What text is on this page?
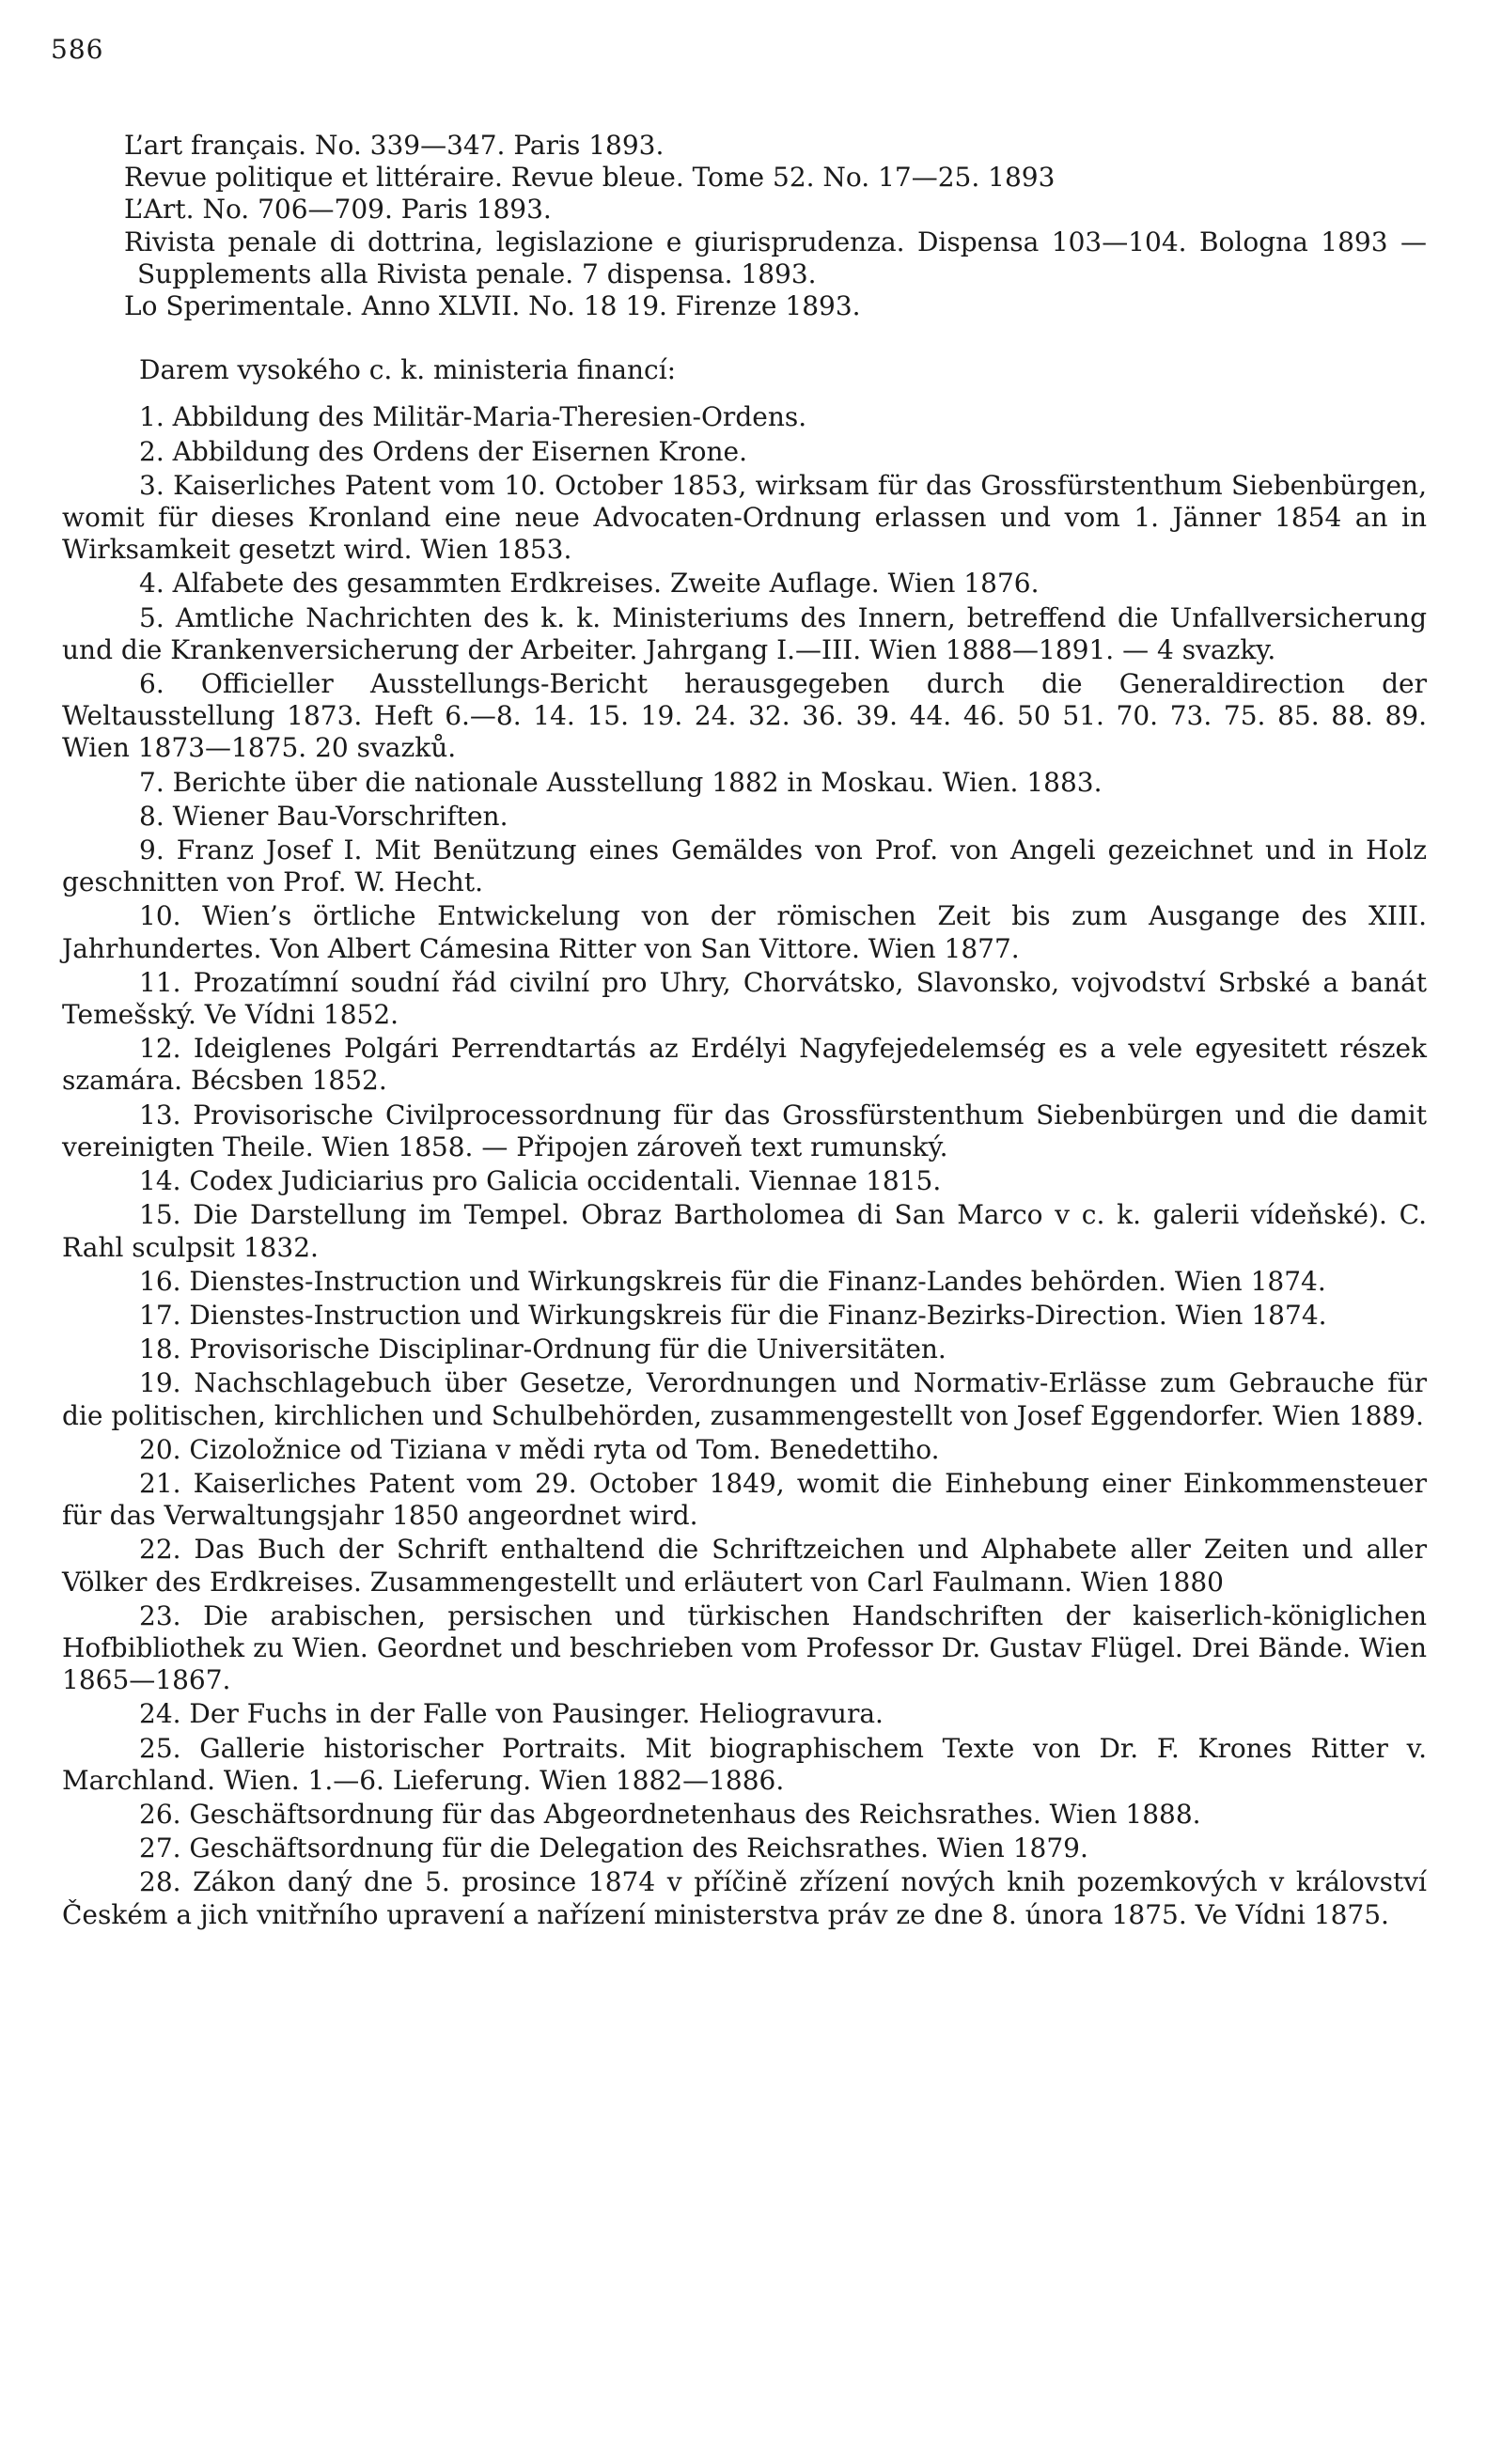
586

L’art français. No. 339—347. Paris 1893.

Revue politique et littéraire. Revue bleue. Tome 52. No. 17—25. 1893

L’Art. No. 706—709. Paris 1893.

Rivista penale di dottrina, legislazione e giurisprudenza. Dispensa 103—104. Bologna 1893 — Supplements alla Rivista penale. 7 dispensa. 1893.

Lo Sperimentale. Anno XLVII. No. 18 19. Firenze 1893.

Darem vysokého c. k. ministeria financí:

1. Abbildung des Militär-Maria-Theresien-Ordens.

2. Abbildung des Ordens der Eisernen Krone.

3. Kaiserliches Patent vom 10. October 1853, wirksam für das Grossfürstenthum Siebenbürgen, womit für dieses Kronland eine neue Advocaten-Ordnung erlassen und vom 1. Jänner 1854 an in Wirksamkeit gesetzt wird. Wien 1853.

4. Alfabete des gesammten Erdkreises. Zweite Auflage. Wien 1876.

5. Amtliche Nachrichten des k. k. Ministeriums des Innern, betreffend die Unfallversicherung und die Krankenversicherung der Arbeiter. Jahrgang I.—III. Wien 1888—1891. — 4 svazky.

6. Officieller Ausstellungs-Bericht herausgegeben durch die Generaldirection der Weltausstellung 1873. Heft 6.—8. 14. 15. 19. 24. 32. 36. 39. 44. 46. 50 51. 70. 73. 75. 85. 88. 89. Wien 1873—1875. 20 svazků.

7. Berichte über die nationale Ausstellung 1882 in Moskau. Wien. 1883.

8. Wiener Bau-Vorschriften.

9. Franz Josef I. Mit Benützung eines Gemäldes von Prof. von Angeli gezeichnet und in Holz geschnitten von Prof. W. Hecht.

10. Wien’s örtliche Entwickelung von der römischen Zeit bis zum Ausgange des XIII. Jahrhundertes. Von Albert Cámesina Ritter von San Vittore. Wien 1877.

11. Prozatímní soudní řád civilní pro Uhry, Chorvátsko, Slavonsko, vojvodství Srbské a banát Temešský. Ve Vídni 1852.

12. Ideiglenes Polgári Perrendtartás az Erdélyi Nagyfejedelemség es a vele egyesitett részek szamára. Bécsben 1852.

13. Provisorische Civilprocessordnung für das Grossfürstenthum Siebenbürgen und die damit vereinigten Theile. Wien 1858. — Připojen zároveň text rumunský.

14. Codex Judiciarius pro Galicia occidentali. Viennae 1815.

15. Die Darstellung im Tempel. Obraz Bartholomea di San Marco v c. k. galerii vídeňské). C. Rahl sculpsit 1832.

16. Dienstes-Instruction und Wirkungskreis für die Finanz-Landes behörden. Wien 1874.

17. Dienstes-Instruction und Wirkungskreis für die Finanz-Bezirks-Direction. Wien 1874.

18. Provisorische Disciplinar-Ordnung für die Universitäten.

19. Nachschlagebuch über Gesetze, Verordnungen und Normativ-Erlässe zum Gebrauche für die politischen, kirchlichen und Schulbehörden, zusammengestellt von Josef Eggendorfer. Wien 1889.

20. Cizoložnice od Tiziana v mědi ryta od Tom. Benedettiho.

21. Kaiserliches Patent vom 29. October 1849, womit die Einhebung einer Einkommensteuer für das Verwaltungsjahr 1850 angeordnet wird.

22. Das Buch der Schrift enthaltend die Schriftzeichen und Alphabete aller Zeiten und aller Völker des Erdkreises. Zusammengestellt und erläutert von Carl Faulmann. Wien 1880

23. Die arabischen, persischen und türkischen Handschriften der kaiserlich-königlichen Hofbibliothek zu Wien. Geordnet und beschrieben vom Professor Dr. Gustav Flügel. Drei Bände. Wien 1865—1867.

24. Der Fuchs in der Falle von Pausinger. Heliogravura.

25. Gallerie historischer Portraits. Mit biographischem Texte von Dr. F. Krones Ritter v. Marchland. Wien. 1.—6. Lieferung. Wien 1882—1886.

26. Geschäftsordnung für das Abgeordnetenhaus des Reichsrathes. Wien 1888.

27. Geschäftsordnung für die Delegation des Reichsrathes. Wien 1879.

28. Zákon daný dne 5. prosince 1874 v příčině zřízení nových knih pozemkových v království Českém a jich vnitřního upravení a nařízení ministerstva práv ze dne 8. února 1875. Ve Vídni 1875.
